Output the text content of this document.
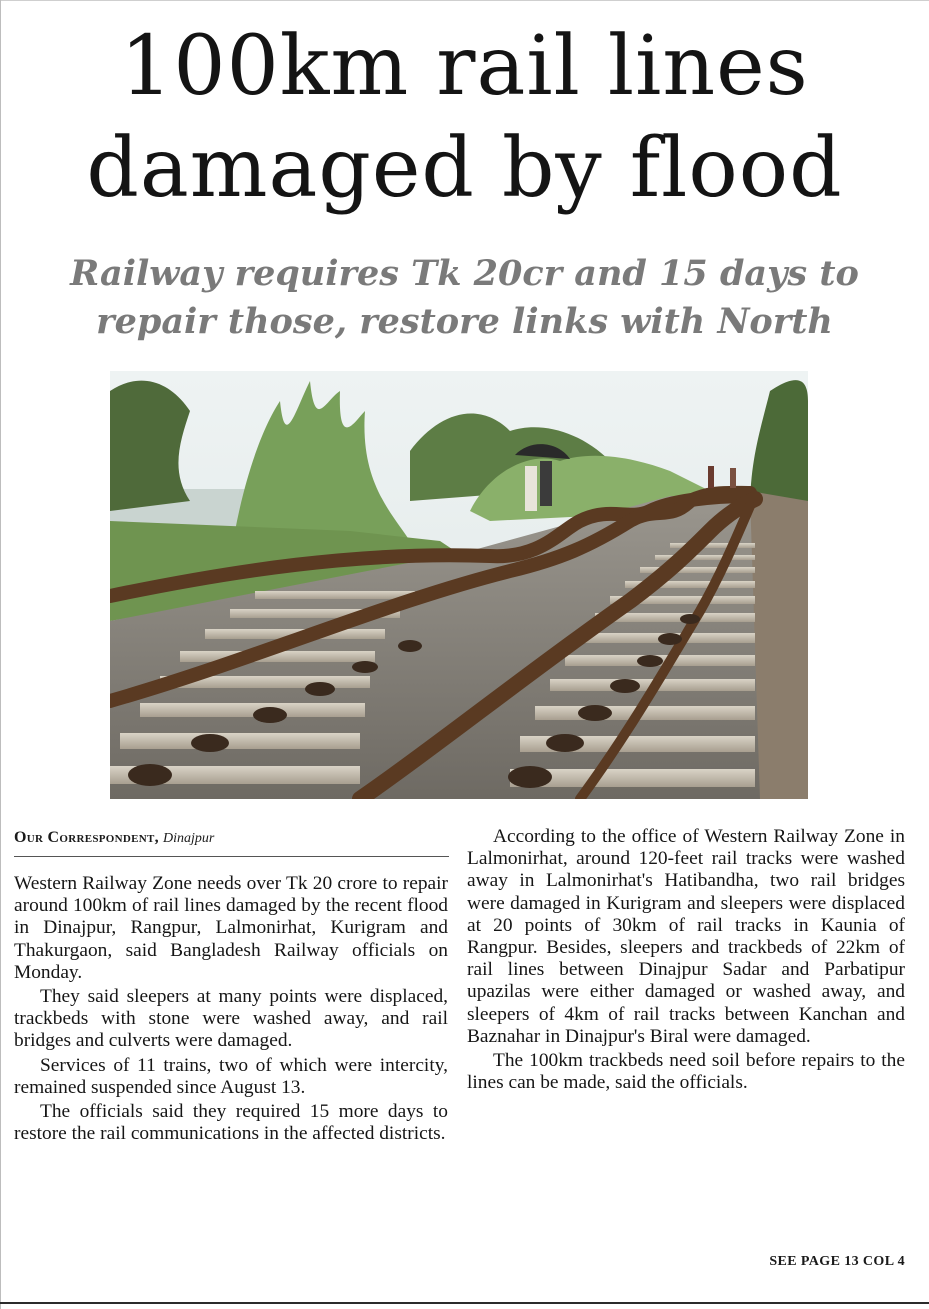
100km rail lines
damaged by flood
Railway requires Tk 20cr and 15 days to
repair those, restore links with North
Our Correspondent, Dinajpur

Western Railway Zone needs over Tk 20 crore to repair around 100km of rail lines damaged by the recent flood in Dinajpur, Rangpur, Lalmonirhat, Kurigram and Thakurgaon, said Bangladesh Railway officials on Monday.

They said sleepers at many points were displaced, trackbeds with stone were washed away, and rail bridges and culverts were damaged.

Services of 11 trains, two of which were intercity, remained suspended since August 13.

The officials said they required 15 more days to restore the rail communications in the affected districts.

According to the office of Western Railway Zone in Lalmonirhat, around 120-feet rail tracks were washed away in Lalmonirhat's Hatibandha, two rail bridges were damaged in Kurigram and sleepers were displaced at 20 points of 30km of rail tracks in Kaunia of Rangpur. Besides, sleepers and trackbeds of 22km of rail lines between Dinajpur Sadar and Parbatipur upazilas were either damaged or washed away, and sleepers of 4km of rail tracks between Kanchan and Baznahar in Dinajpur's Biral were damaged.

The 100km trackbeds need soil before repairs to the lines can be made, said the officials.

SEE PAGE 13 COL 4
